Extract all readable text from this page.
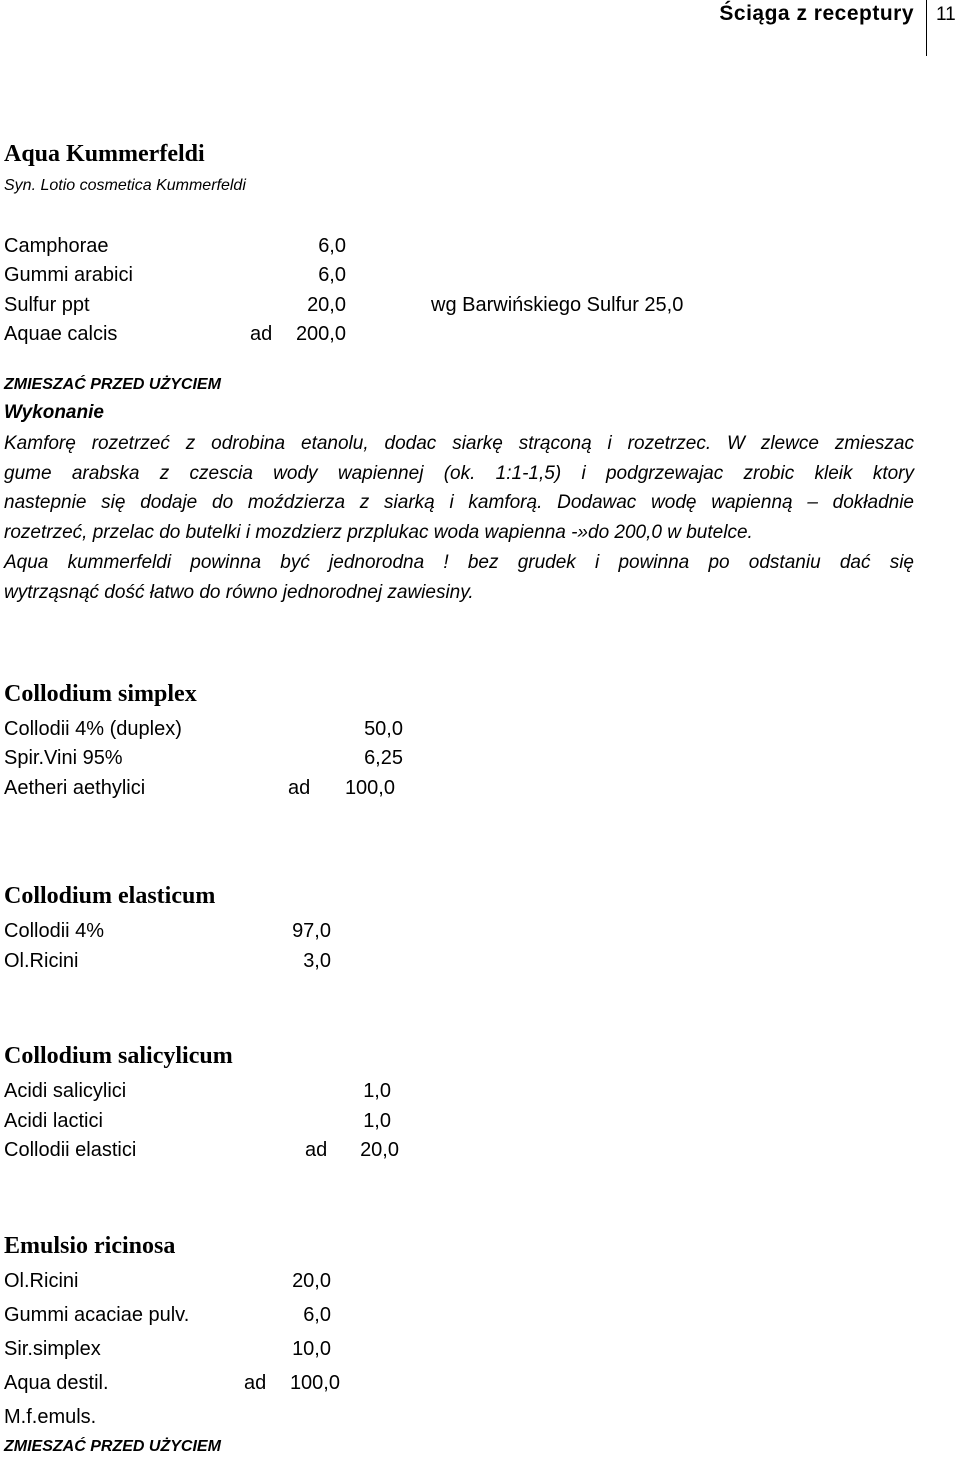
Ściąga z receptury 11
Aqua Kummerfeldi
Syn. Lotio cosmetica Kummerfeldi
Camphorae	6,0
Gummi arabici	6,0
Sulfur ppt	20,0	wg Barwińskiego Sulfur 25,0
Aquae calcis	ad 200,0
ZMIESZAĆ PRZED UŻYCIEM
Wykonanie
Kamforę rozetrzeć z odrobina etanolu, dodac siarkę strąconą i rozetrzec. W zlewce zmieszac
gume arabska z czescia wody wapiennej (ok. 1:1-1,5) i podgrzewajac zrobic kleik ktory
nastepnie się dodaje do moździerza z siarką i kamforą. Dodawac wodę wapienną – dokładnie
rozetrzeć, przelac do butelki i mozdzierz przplukac woda wapienna -»do 200,0 w butelce.
Aqua kummerfeldi powinna być jednorodna ! bez grudek i powinna po odstaniu dać się
wytrząsnąć dość łatwo do równo jednorodnej zawiesiny.
Collodium simplex
Collodii 4% (duplex)	50,0
Spir.Vini 95%	6,25
Aetheri aethylici	ad 100,0
Collodium elasticum
Collodii 4%	97,0
Ol.Ricini	3,0
Collodium salicylicum
Acidi salicylici	1,0
Acidi lactici	1,0
Collodii elastici	ad 20,0
Emulsio ricinosa
Ol.Ricini	20,0
Gummi acaciae pulv.	6,0
Sir.simplex	10,0
Aqua destil.	ad 100,0
M.f.emuls.
ZMIESZAĆ PRZED UŻYCIEM
